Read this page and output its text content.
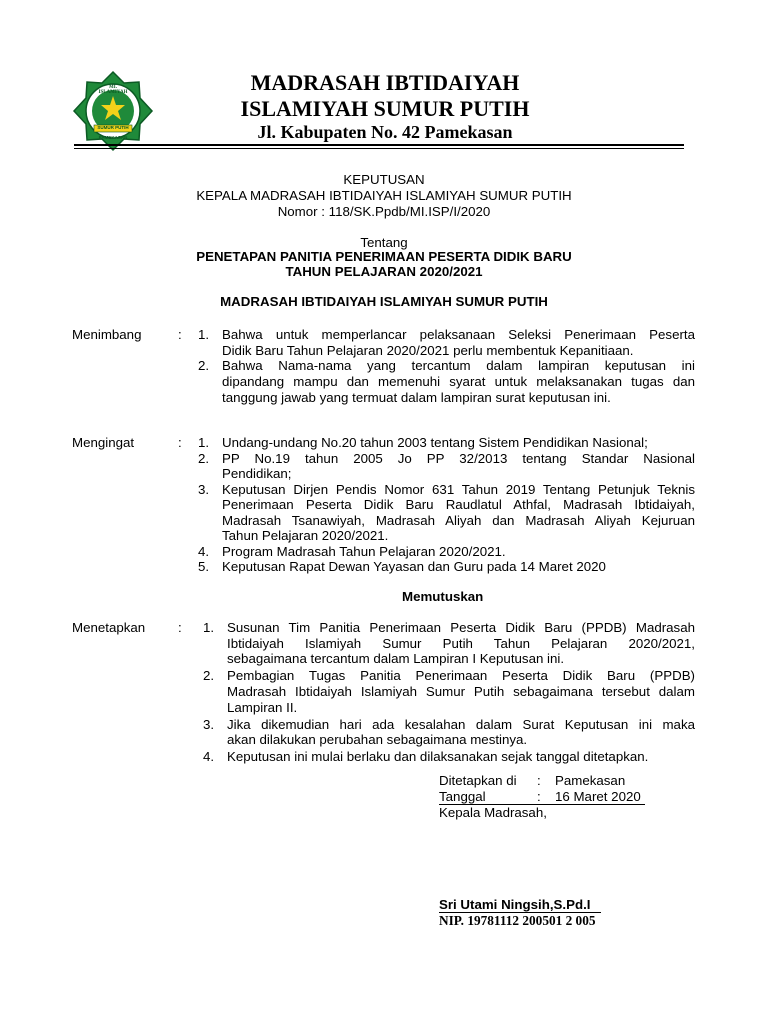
MI. ISLAMIYAH
SUMUR PUTIH
PAMEKASAN
MADRASAH IBTIDAIYAH
ISLAMIYAH SUMUR PUTIH
Jl. Kabupaten No. 42 Pamekasan
KEPUTUSAN
KEPALA MADRASAH IBTIDAIYAH ISLAMIYAH SUMUR PUTIH
Nomor : 118/SK.Ppdb/MI.ISP/I/2020
Tentang
PENETAPAN PANITIA PENERIMAAN PESERTA DIDIK BARU
TAHUN PELAJARAN 2020/2021
MADRASAH IBTIDAIYAH ISLAMIYAH SUMUR PUTIH
Menimbang	: 1. Bahwa untuk memperlancar pelaksanaan Seleksi Penerimaan Peserta
Didik Baru Tahun Pelajaran 2020/2021 perlu membentuk Kepanitiaan.
2. Bahwa Nama-nama yang tercantum dalam lampiran keputusan ini
dipandang mampu dan memenuhi syarat untuk melaksanakan tugas dan
tanggung jawab yang termuat dalam lampiran surat keputusan ini.
Mengingat	: 1. Undang-undang No.20 tahun 2003 tentang Sistem Pendidikan Nasional;
2. PP No.19 tahun 2005 Jo PP 32/2013 tentang Standar Nasional
Pendidikan;
3. Keputusan Dirjen Pendis Nomor 631 Tahun 2019 Tentang Petunjuk Teknis
Penerimaan Peserta Didik Baru Raudlatul Athfal, Madrasah Ibtidaiyah,
Madrasah Tsanawiyah, Madrasah Aliyah dan Madrasah Aliyah Kejuruan
Tahun Pelajaran 2020/2021.
4. Program Madrasah Tahun Pelajaran 2020/2021.
5. Keputusan Rapat Dewan Yayasan dan Guru pada 14 Maret 2020
Memutuskan
Menetapkan : 1. Susunan Tim Panitia Penerimaan Peserta Didik Baru (PPDB) Madrasah
Ibtidaiyah Islamiyah Sumur Putih Tahun Pelajaran 2020/2021,
sebagaimana tercantum dalam Lampiran I Keputusan ini.
2. Pembagian Tugas Panitia Penerimaan Peserta Didik Baru (PPDB)
Madrasah Ibtidaiyah Islamiyah Sumur Putih sebagaimana tersebut dalam
Lampiran II.
3. Jika dikemudian hari ada kesalahan dalam Surat Keputusan ini maka
akan dilakukan perubahan sebagaimana mestinya.
4. Keputusan ini mulai berlaku dan dilaksanakan sejak tanggal ditetapkan.
Ditetapkan di : Pamekasan
Tanggal	: 16 Maret 2020
Kepala Madrasah,
Sri Utami Ningsih,S.Pd.I
NIP. 19781112 200501 2 005
